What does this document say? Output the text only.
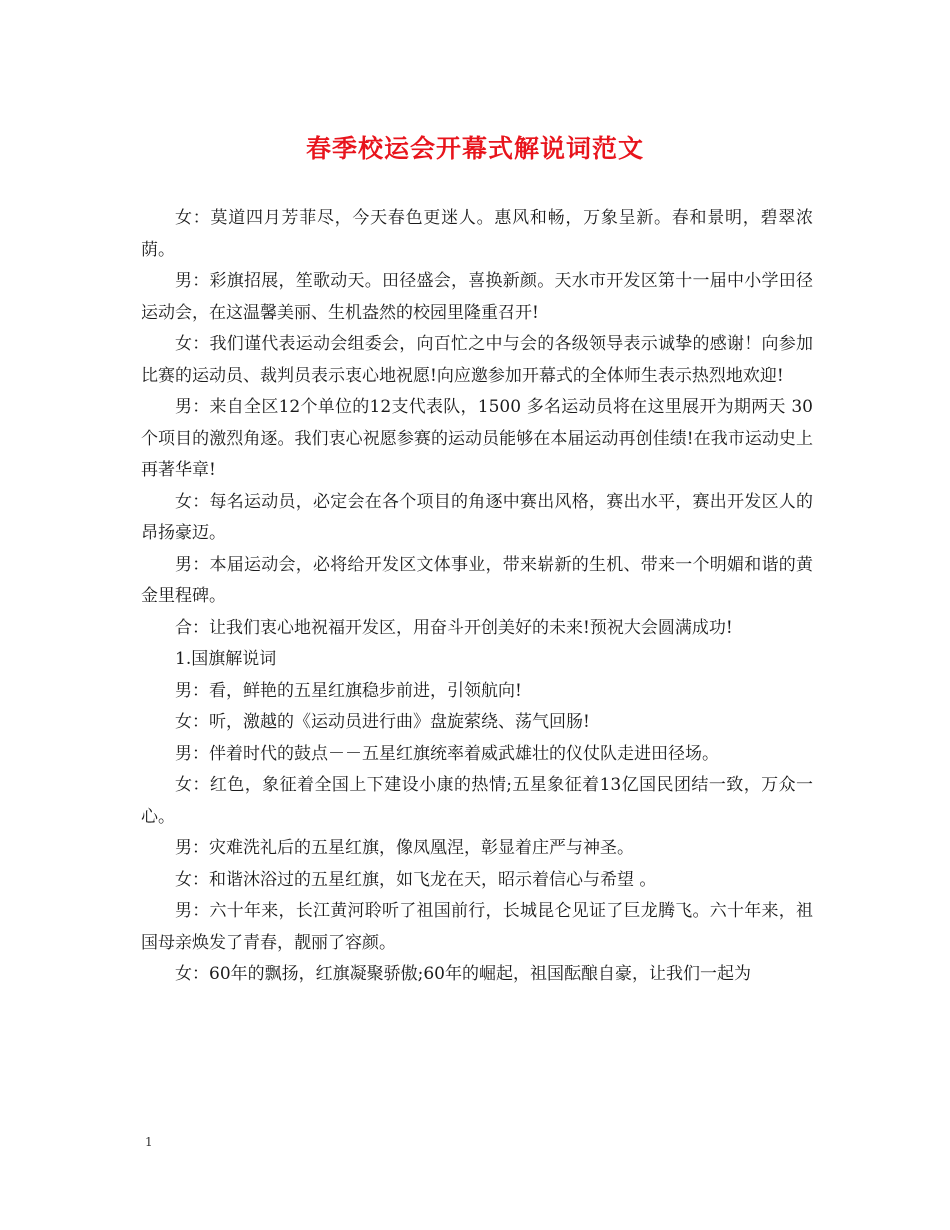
春季校运会开幕式解说词范文

女：莫道四月芳菲尽，今天春色更迷人。惠风和畅，万象呈新。春和景明，碧翠浓荫。

男：彩旗招展，笙歌动天。田径盛会，喜换新颜。天水市开发区第十一届中小学田径运动会，在这温馨美丽、生机盎然的校园里隆重召开!

女：我们谨代表运动会组委会，向百忙之中与会的各级领导表示诚挚的感谢！向参加比赛的运动员、裁判员表示衷心地祝愿!向应邀参加开幕式的全体师生表示热烈地欢迎!

男：来自全区12个单位的12支代表队，1500 多名运动员将在这里展开为期两天 30 个项目的激烈角逐。我们衷心祝愿参赛的运动员能够在本届运动再创佳绩!在我市运动史上再著华章!

女：每名运动员，必定会在各个项目的角逐中赛出风格，赛出水平，赛出开发区人的昂扬豪迈。

男：本届运动会，必将给开发区文体事业，带来崭新的生机、带来一个明媚和谐的黄金里程碑。

合：让我们衷心地祝福开发区，用奋斗开创美好的未来!预祝大会圆满成功!

1.国旗解说词

男：看，鲜艳的五星红旗稳步前进，引领航向!

女：听，激越的《运动员进行曲》盘旋萦绕、荡气回肠!

男：伴着时代的鼓点－－五星红旗统率着威武雄壮的仪仗队走进田径场。

女：红色，象征着全国上下建设小康的热情;五星象征着13亿国民团结一致，万众一心。

男：灾难洗礼后的五星红旗，像凤凰涅，彰显着庄严与神圣。

女：和谐沐浴过的五星红旗，如飞龙在天，昭示着信心与希望 。

男：六十年来，长江黄河聆听了祖国前行，长城昆仑见证了巨龙腾飞。六十年来，祖国母亲焕发了青春，靓丽了容颜。

女：60年的飘扬，红旗凝聚骄傲;60年的崛起，祖国酝酿自豪，让我们一起为

1
